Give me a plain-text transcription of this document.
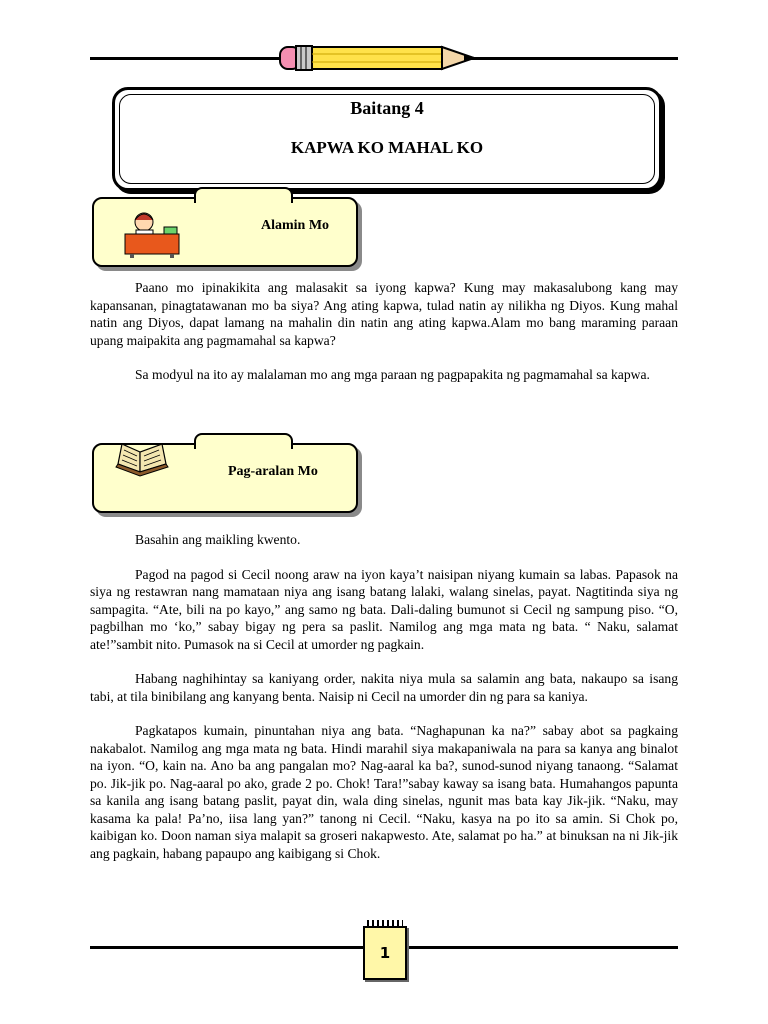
Baitang 4
KAPWA KO MAHAL KO
Alamin Mo

Paano mo ipinakikita ang malasakit sa iyong kapwa? Kung may makasalubong kang may kapansanan, pinagtatawanan mo ba siya? Ang ating kapwa, tulad natin ay nilikha ng Diyos. Kung mahal natin ang Diyos, dapat lamang na mahalin din natin ang ating kapwa.Alam mo bang maraming paraan upang maipakita ang pagmamahal sa kapwa?

Sa modyul na ito ay malalaman mo ang mga paraan ng pagpapakita ng pagmamahal sa kapwa.

Pag-aralan Mo

Basahin ang maikling kwento.

Pagod na pagod si Cecil noong araw na iyon kaya’t naisipan niyang kumain sa labas. Papasok na siya ng restawran nang mamataan niya ang isang batang lalaki, walang sinelas, payat. Nagtitinda siya ng sampagita. “Ate, bili na po kayo,” ang samo ng bata. Dali-daling bumunot si Cecil ng sampung piso. “O, pagbilhan mo ‘ko,” sabay bigay ng pera sa paslit. Namilog ang mga mata ng bata. “ Naku, salamat ate!”sambit nito. Pumasok na si Cecil at umorder ng pagkain.

Habang naghihintay sa kaniyang order, nakita niya mula sa salamin ang bata, nakaupo sa isang tabi, at tila binibilang ang kanyang benta. Naisip ni Cecil na umorder din ng para sa kaniya.

Pagkatapos kumain, pinuntahan niya ang bata. “Naghapunan ka na?” sabay abot sa pagkaing nakabalot. Namilog ang mga mata ng bata. Hindi marahil siya makapaniwala na para sa kanya ang binalot na iyon. “O, kain na. Ano ba ang pangalan mo? Nag-aaral ka ba?, sunod-sunod niyang tanaong. “Salamat po. Jik-jik po. Nag-aaral po ako, grade 2 po. Chok! Tara!”sabay kaway sa isang bata. Humahangos papunta sa kanila ang isang batang paslit, payat din, wala ding sinelas, ngunit mas bata kay Jik-jik. “Naku, may kasama ka pala! Pa’no, iisa lang yan?” tanong ni Cecil. “Naku, kasya na po ito sa amin. Si Chok po, kaibigan ko. Doon naman siya malapit sa groseri nakapwesto. Ate, salamat po ha.” at binuksan na ni Jik-jik ang pagkain, habang papaupo ang kaibigang si Chok.

1
